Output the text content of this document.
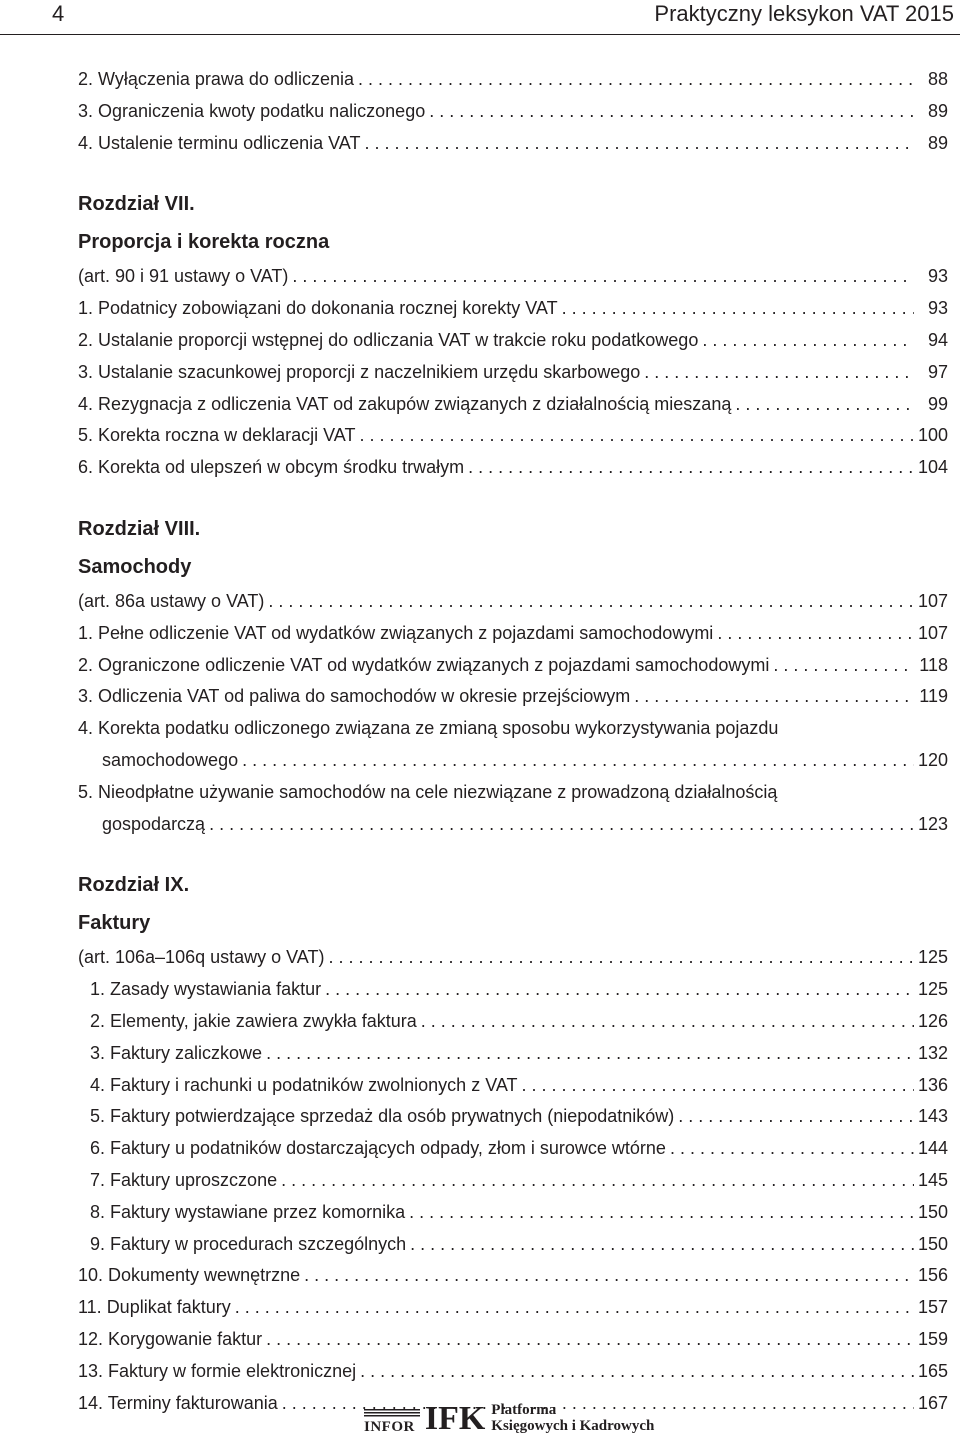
4	Praktyczny leksykon VAT 2015
2. Wyłączenia prawa do odliczenia . . .	88
3. Ograniczenia kwoty podatku naliczonego . . .	89
4. Ustalenie terminu odliczenia VAT . . .	89
Rozdział VII.
Proporcja i korekta roczna
(art. 90 i 91 ustawy o VAT) . . .	93
1. Podatnicy zobowiązani do dokonania rocznej korekty VAT . . .	93
2. Ustalanie proporcji wstępnej do odliczania VAT w trakcie roku podatkowego . . .	94
3. Ustalanie szacunkowej proporcji z naczelnikiem urzędu skarbowego . . .	97
4. Rezygnacja z odliczenia VAT od zakupów związanych z działalnością mieszaną . . .	99
5. Korekta roczna w deklaracji VAT . . .	100
6. Korekta od ulepszeń w obcym środku trwałym . . .	104
Rozdział VIII.
Samochody
(art. 86a ustawy o VAT) . . .	107
1. Pełne odliczenie VAT od wydatków związanych z pojazdami samochodowymi . . .	107
2. Ograniczone odliczenie VAT od wydatków związanych z pojazdami samochodowymi . . .	118
3. Odliczenia VAT od paliwa do samochodów w okresie przejściowym . . .	119
4. Korekta podatku odliczonego związana ze zmianą sposobu wykorzystywania pojazdu
samochodowego . . .	120
5. Nieodpłatne używanie samochodów na cele niezwiązane z prowadzoną działalnością
gospodarczą . . .	123
Rozdział IX.
Faktury
(art. 106a–106q ustawy o VAT) . . .	125
1. Zasady wystawiania faktur . . .	125
2. Elementy, jakie zawiera zwykła faktura . . .	126
3. Faktury zaliczkowe . . .	132
4. Faktury i rachunki u podatników zwolnionych z VAT . . .	136
5. Faktury potwierdzające sprzedaż dla osób prywatnych (niepodatników) . . .	143
6. Faktury u podatników dostarczających odpady, złom i surowce wtórne . . .	144
7. Faktury uproszczone . . .	145
8. Faktury wystawiane przez komornika . . .	150
9. Faktury w procedurach szczególnych . . .	150
10. Dokumenty wewnętrzne . . .	156
11. Duplikat faktury . . .	157
12. Korygowanie faktur . . .	159
13. Faktury w formie elektronicznej . . .	165
14. Terminy fakturowania . . .	167
INFOR IFK Platforma
Księgowych i Kadrowych
